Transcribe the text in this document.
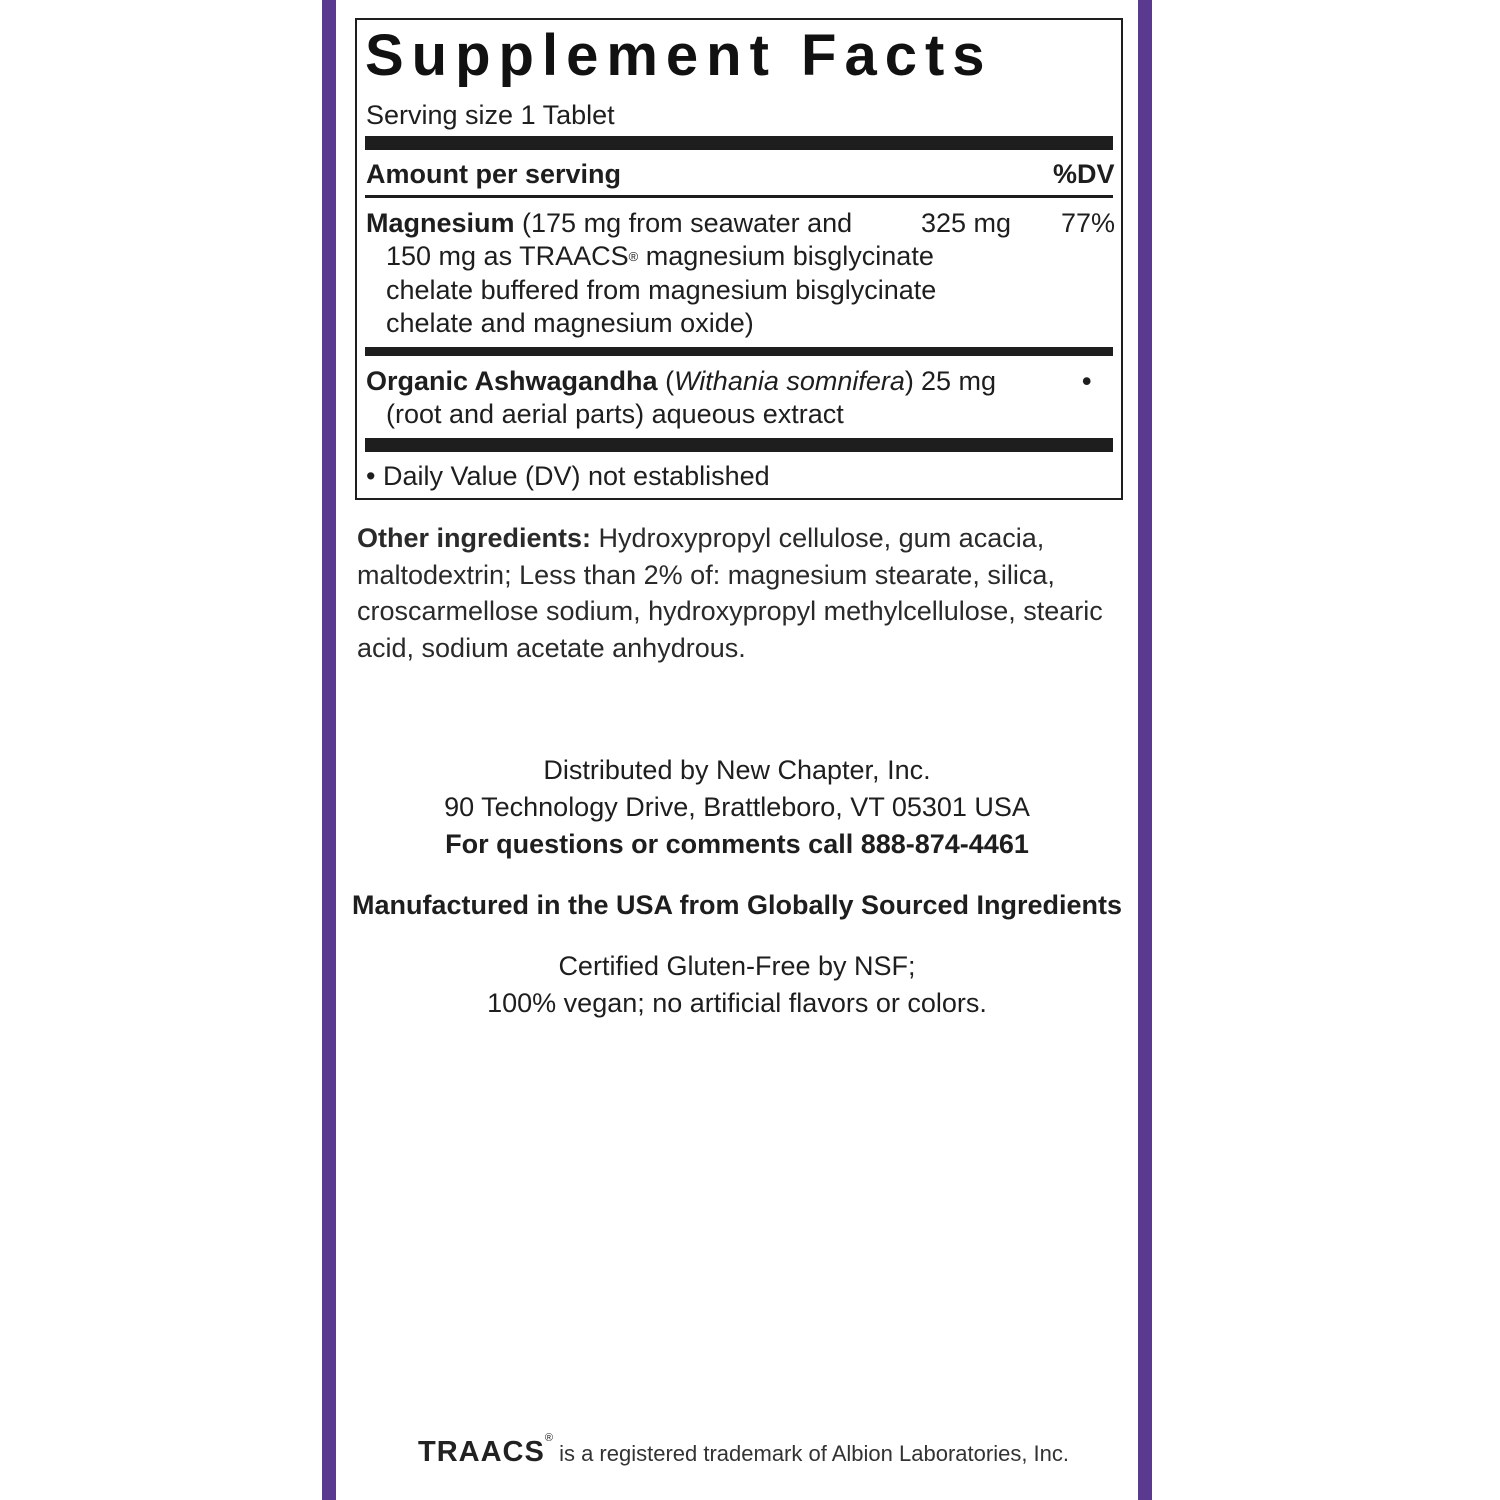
Supplement Facts
Serving size 1 Tablet
Amount per serving	%DV
Magnesium (175 mg from seawater and
150 mg as TRAACS® magnesium bisglycinate
chelate buffered from magnesium bisglycinate
chelate and magnesium oxide)
325 mg 77%
Organic Ashwagandha (Withania somnifera)
(root and aerial parts) aqueous extract
25 mg	•
• Daily Value (DV) not established
Other ingredients: Hydroxypropyl cellulose, gum acacia, maltodextrin; Less than 2% of: magnesium stearate, silica, croscarmellose sodium, hydroxypropyl methylcellulose, stearic acid, sodium acetate anhydrous.
Distributed by New Chapter, Inc.
90 Technology Drive, Brattleboro, VT 05301 USA
For questions or comments call 888-874-4461
Manufactured in the USA from Globally Sourced Ingredients
Certified Gluten-Free by NSF;
100% vegan; no artificial flavors or colors.
TRAACS® is a registered trademark of Albion Laboratories, Inc.
